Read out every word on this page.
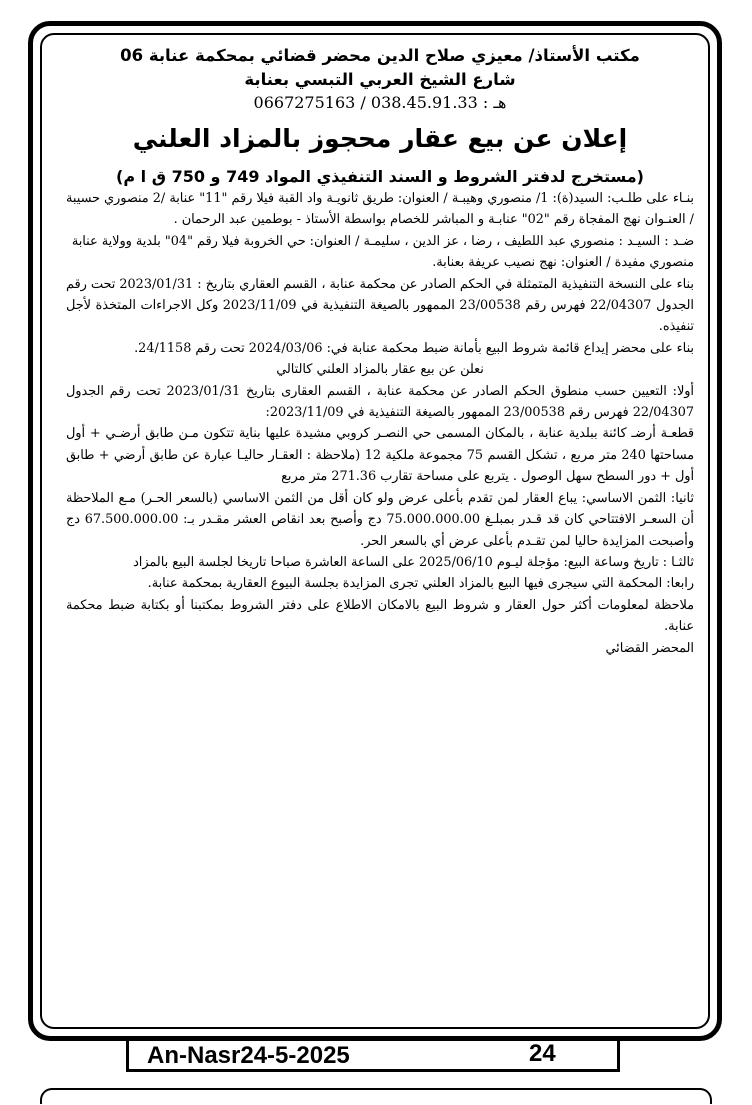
مكتب الأستاذ/ معيزي صلاح الدين محضر قضائي بمحكمة عنابة 06
شارع الشيخ العربي التبسي بعنابة
هـ : 038.45.91.33 / 0667275163
إعلان عن بيع عقار محجوز بالمزاد العلني
(مستخرج لدفتر الشروط و السند التنفيذي المواد 749 و 750 ق ا م)

بنـاء على طلـب: السيد(ة): 1/ منصوري وهيبـة / العنوان: طريق ثانويـة واد القبة فيلا رقم "11" عنابة /2 منصوري حسيبة / العنـوان نهج المفجاة رقم "02" عنابـة و المباشر للخصام بواسطة الأستاذ - بوطمين عبد الرحمان .

ضـد : السيـد : منصوري عبد اللطيف ، رضا ، عز الدين ، سليمـة / العنوان: حي الخروبة فيلا رقم "04" بلدية وولاية عنابة

منصوري مفيدة / العنوان: نهج نصيب عريفة بعنابة.

بناء على النسخة التنفيذية المتمثلة في الحكم الصادر عن محكمة عنابة ، القسم العقاري بتاريخ : 2023/01/31 تحت رقم الجدول 22/04307 فهرس رقم 23/00538 الممهور بالصيغة التنفيذية في 2023/11/09 وكل الاجراءات المتخذة لأجل تنفيذه.

بناء على محضر إيداع قائمة شروط البيع بأمانة ضبط محكمة عنابة في: 2024/03/06 تحت رقم 24/1158.

نعلن عن بيع عقار بالمزاد العلني كالتالي

أولا: التعيين حسب منطوق الحكم الصادر عن محكمة عنابة ، القسم العقارى بتاريخ 2023/01/31 تحت رقم الجدول 22/04307 فهرس رقم 23/00538 الممهور بالصيغة التنفيذية في 2023/11/09:

قطعـة أرضـ كائنة ببلدية عنابة ، بالمكان المسمى حي النصـر كروبي مشيدة عليها بناية تتكون مـن طابق أرضـي + أول مساحتها 240 متر مربع ، تشكل القسم 75 مجموعة ملكية 12 (ملاحظة : العقـار حاليـا عبارة عن طابق أرضي + طابق أول + دور السطح سهل الوصول . يتربع على مساحة تقارب 271.36 متر مربع

ثانيا: الثمن الاساسي: يباع العقار لمن تقدم بأعلى عرض ولو كان أقل من الثمن الاساسي (بالسعر الحـر) مـع الملاحظة أن السعـر الافتتاحي كان قد قـدر بمبلـغ 75.000.000.00 دج وأصبح بعد انقاص العشر مقـدر بـ: 67.500.000.00 دج وأصبحت المزايدة حاليا لمن تقـدم بأعلى عرض أي بالسعر الحر.

ثالثـا : تاريخ وساعة البيع: مؤجلة ليـوم 2025/06/10 على الساعة العاشرة صباحا تاريخا لجلسة البيع بالمزاد

رابعا: المحكمة التي سيجرى فيها البيع بالمزاد العلني تجرى المزايدة بجلسة البيوع العقارية بمحكمة عنابة.

ملاحظة لمعلومات أكثر حول العقار و شروط البيع بالامكان الاطلاع على دفتر الشروط بمكتبنا أو بكتابة ضبط محكمة عنابة.

المحضر القضائي

An-Nasr24-5-2025	24
